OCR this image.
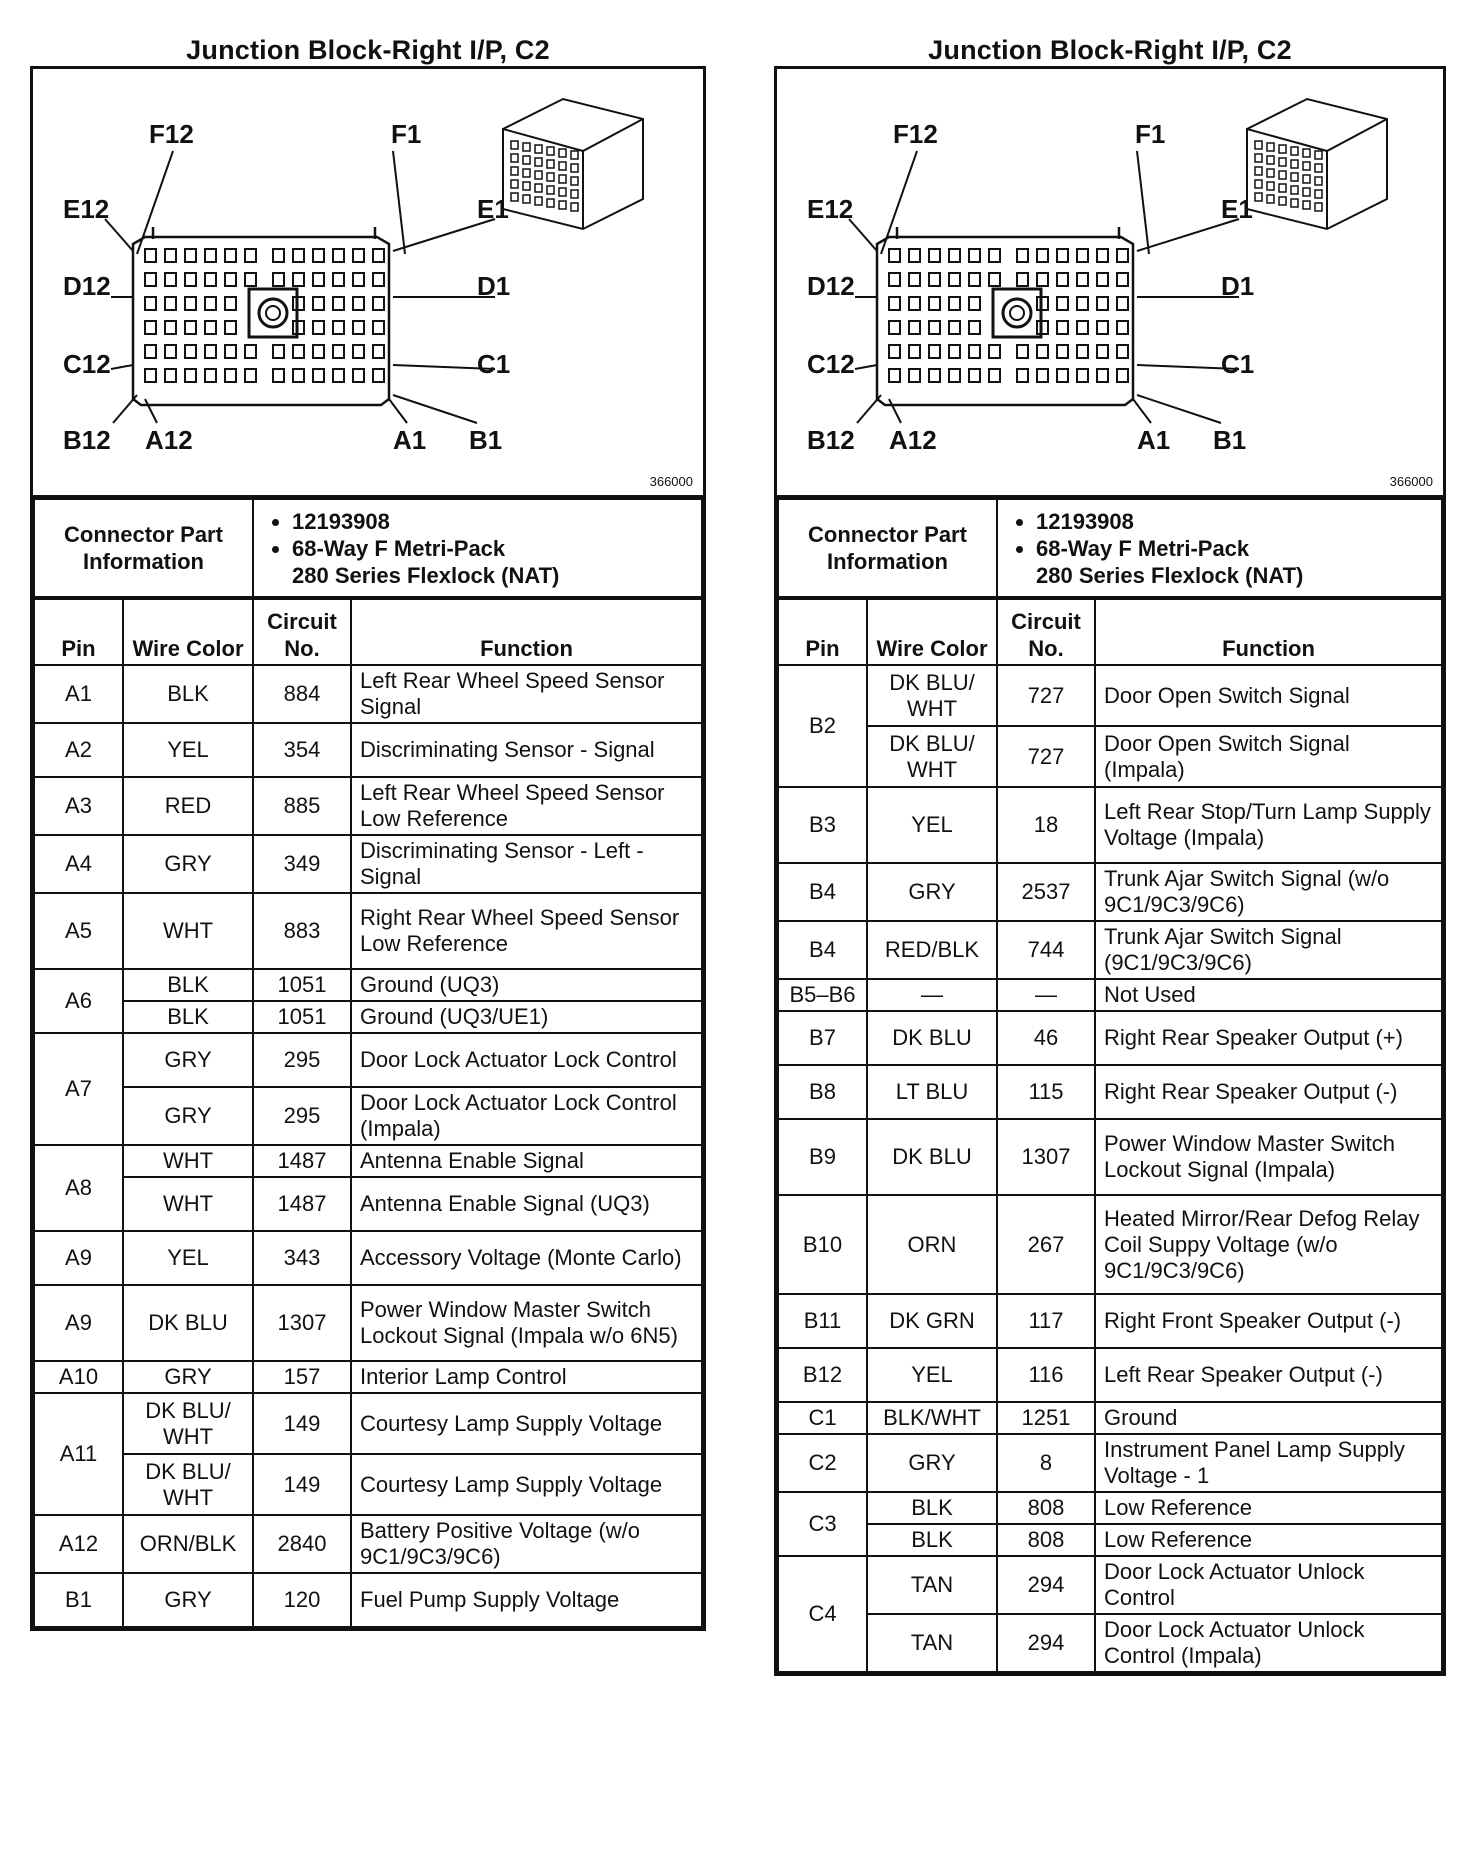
Junction Block-Right I/P, C2
F12	F1
E12	E1
D12	D1
C12	C1
B12 A12	A1 B1
366000
Connector Part Information	
• 12193908
• 68-Way F Metri-Pack
280 Series Flexlock (NAT)
Pin	Wire Color	Circuit No.	Function
A1	BLK	884	Left Rear Wheel Speed Sensor Signal
A2	YEL	354	Discriminating Sensor - Signal
A3	RED	885	Left Rear Wheel Speed Sensor Low Reference
A4	GRY	349	Discriminating Sensor - Left - Signal
A5	WHT	883	Right Rear Wheel Speed Sensor Low Reference
A6	BLK	1051	Ground (UQ3)
	BLK	1051	Ground (UQ3/UE1)
A7	GRY	295	Door Lock Actuator Lock Control
	GRY	295	Door Lock Actuator Lock Control (Impala)
A8	WHT	1487	Antenna Enable Signal
	WHT	1487	Antenna Enable Signal (UQ3)
A9	YEL	343	Accessory Voltage (Monte Carlo)
A9	DK BLU	1307	Power Window Master Switch Lockout Signal (Impala w/o 6N5)
A10	GRY	157	Interior Lamp Control
A11	DK BLU/ WHT	149	Courtesy Lamp Supply Voltage
	DK BLU/ WHT	149	Courtesy Lamp Supply Voltage
A12	ORN/BLK	2840	Battery Positive Voltage (w/o 9C1/9C3/9C6)
B1	GRY	120	Fuel Pump Supply Voltage
Junction Block-Right I/P, C2
F12	F1
E12	E1
D12	D1
C12	C1
B12 A12	A1 B1
366000
Connector Part Information	
• 12193908
• 68-Way F Metri-Pack
280 Series Flexlock (NAT)
Pin	Wire Color	Circuit No.	Function
B2	DK BLU/ WHT	727	Door Open Switch Signal
	DK BLU/ WHT	727	Door Open Switch Signal (Impala)
B3	YEL	18	Left Rear Stop/Turn Lamp Supply Voltage (Impala)
B4	GRY	2537	Trunk Ajar Switch Signal (w/o 9C1/9C3/9C6)
B4	RED/BLK	744	Trunk Ajar Switch Signal (9C1/9C3/9C6)
B5–B6	—	—	Not Used
B7	DK BLU	46	Right Rear Speaker Output (+)
B8	LT BLU	115	Right Rear Speaker Output (-)
B9	DK BLU	1307	Power Window Master Switch Lockout Signal (Impala)
B10	ORN	267	Heated Mirror/Rear Defog Relay Coil Suppy Voltage (w/o 9C1/9C3/9C6)
B11	DK GRN	117	Right Front Speaker Output (-)
B12	YEL	116	Left Rear Speaker Output (-)
C1	BLK/WHT	1251	Ground
C2	GRY	8	Instrument Panel Lamp Supply Voltage - 1
C3	BLK	808	Low Reference
	BLK	808	Low Reference
C4	TAN	294	Door Lock Actuator Unlock Control
	TAN	294	Door Lock Actuator Unlock Control (Impala)
